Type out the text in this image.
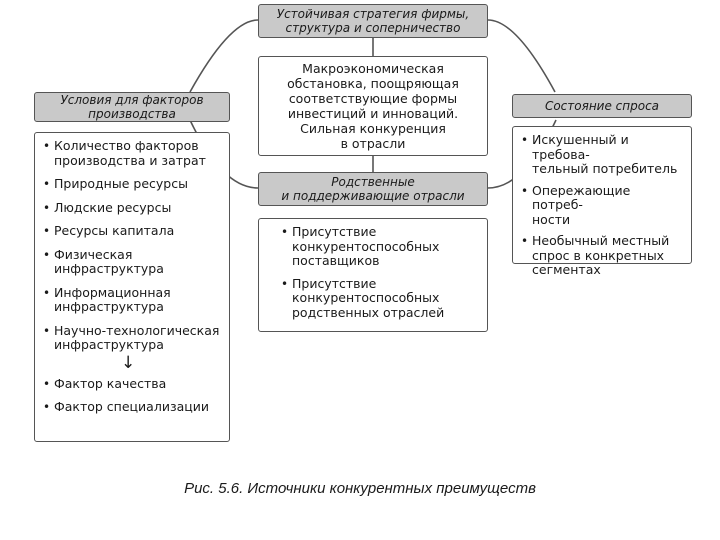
Устойчивая стратегия фирмы,
структура и соперничество
Макроэкономическая
обстановка, поощряющая
соответствующие формы
инвестиций и инноваций.
Сильная конкуренция
в отрасли
Условия для факторов
производства
• Количество факторов
производства и затрат
• Природные ресурсы
• Людские ресурсы
• Ресурсы капитала
• Физическая
инфраструктура
• Информационная
инфраструктура
• Научно-технологическая
инфраструктура
↓
• Фактор качества
• Фактор специализации
Состояние спроса
• Искушенный и требова-
тельный потребитель
• Опережающие потреб-
ности
• Необычный местный
спрос в конкретных
сегментах
Родственные
и поддерживающие отрасли
• Присутствие
конкурентоспособных
поставщиков
• Присутствие
конкурентоспособных
родственных отраслей
Рис. 5.6. Источники конкурентных преимуществ
